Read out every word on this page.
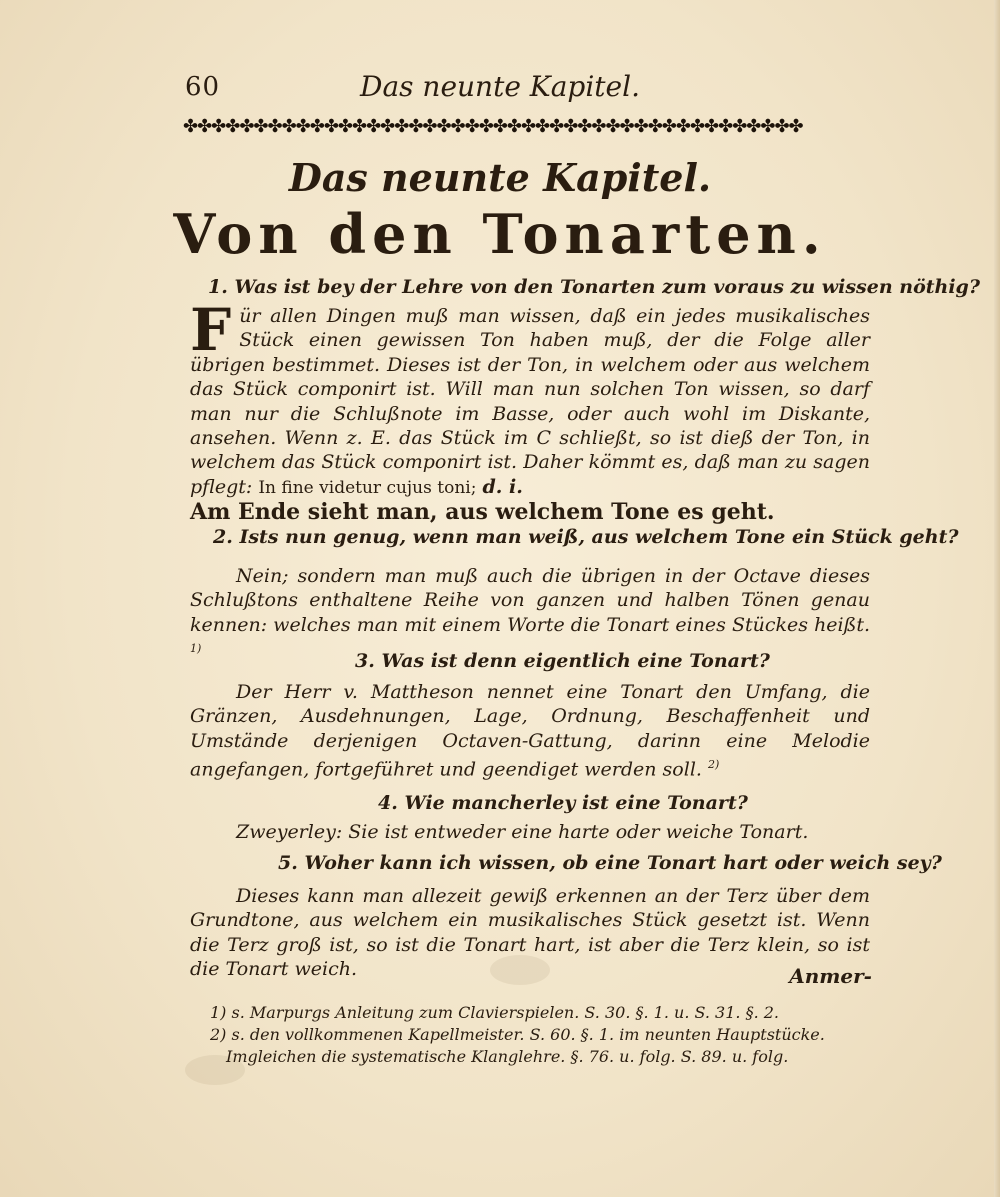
60	Das neunte Kapitel.
✤✤✤✤✤✤✤✤✤✤✤✤✤✤✤✤✤✤✤✤✤✤✤✤✤✤✤✤✤✤✤✤✤✤✤✤✤✤✤✤✤✤✤✤
Das neunte Kapitel.
Von den Tonarten.
1. Was ist bey der Lehre von den Tonarten zum voraus zu wissen nöthig?
Für allen Dingen muß man wissen, daß ein jedes musikalisches Stück einen gewissen Ton haben muß, der die Folge aller übrigen bestimmet. Dieses ist der Ton, in welchem oder aus welchem das Stück componirt ist. Will man nun solchen Ton wissen, so darf man nur die Schlußnote im Basse, oder auch wohl im Diskante, ansehen. Wenn z. E. das Stück im C schließt, so ist dieß der Ton, in welchem das Stück componirt ist. Daher kömmt es, daß man zu sagen pflegt: In fine videtur cujus toni; d. i.
Am Ende sieht man, aus welchem Tone es geht.
2. Ists nun genug, wenn man weiß, aus welchem Tone ein Stück geht?
Nein; sondern man muß auch die übrigen in der Octave dieses Schlußtons enthaltene Reihe von ganzen und halben Tönen genau kennen: welches man mit einem Worte die Tonart eines Stückes heißt. $^{1)}$
3. Was ist denn eigentlich eine Tonart?
Der Herr v. Mattheson nennet eine Tonart den Umfang, die Gränzen, Ausdehnungen, Lage, Ordnung, Beschaffenheit und Umstände derjenigen Octaven-Gattung, darinn eine Melodie angefangen, fortgeführet und geendiget werden soll. $^{2)}$
4. Wie mancherley ist eine Tonart?
Zweyerley: Sie ist entweder eine harte oder weiche Tonart.
5. Woher kann ich wissen, ob eine Tonart hart oder weich sey?
Dieses kann man allezeit gewiß erkennen an der Terz über dem Grundtone, aus welchem ein musikalisches Stück gesetzt ist. Wenn die Terz groß ist, so ist die Tonart hart, ist aber die Terz klein, so ist die Tonart weich.	Anmer-
1) s. Marpurgs Anleitung zum Clavierspielen. S. 30. §. 1. u. S. 31. §. 2.
2) s. den vollkommenen Kapellmeister. S. 60. §. 1. im neunten Hauptstücke.
Imgleichen die systematische Klanglehre. §. 76. u. folg. S. 89. u. folg.
